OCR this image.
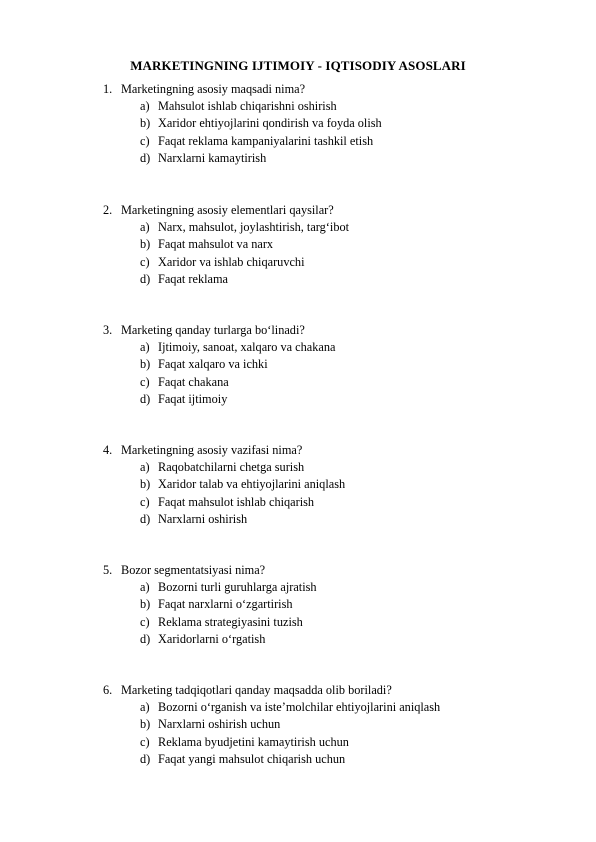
MARKETINGNING IJTIMOIY - IQTISODIY ASOSLARI
1. Marketingning asosiy maqsadi nima?
a) Mahsulot ishlab chiqarishni oshirish
b) Xaridor ehtiyojlarini qondirish va foyda olish
c) Faqat reklama kampaniyalarini tashkil etish
d) Narxlarni kamaytirish
2. Marketingning asosiy elementlari qaysilar?
a) Narx, mahsulot, joylashtirish, targ‘ibot
b) Faqat mahsulot va narx
c) Xaridor va ishlab chiqaruvchi
d) Faqat reklama
3. Marketing qanday turlarga bo‘linadi?
a) Ijtimoiy, sanoat, xalqaro va chakana
b) Faqat xalqaro va ichki
c) Faqat chakana
d) Faqat ijtimoiy
4. Marketingning asosiy vazifasi nima?
a) Raqobatchilarni chetga surish
b) Xaridor talab va ehtiyojlarini aniqlash
c) Faqat mahsulot ishlab chiqarish
d) Narxlarni oshirish
5. Bozor segmentatsiyasi nima?
a) Bozorni turli guruhlarga ajratish
b) Faqat narxlarni o‘zgartirish
c) Reklama strategiyasini tuzish
d) Xaridorlarni o‘rgatish
6. Marketing tadqiqotlari qanday maqsadda olib boriladi?
a) Bozorni o‘rganish va iste’molchilar ehtiyojlarini aniqlash
b) Narxlarni oshirish uchun
c) Reklama byudjetini kamaytirish uchun
d) Faqat yangi mahsulot chiqarish uchun
